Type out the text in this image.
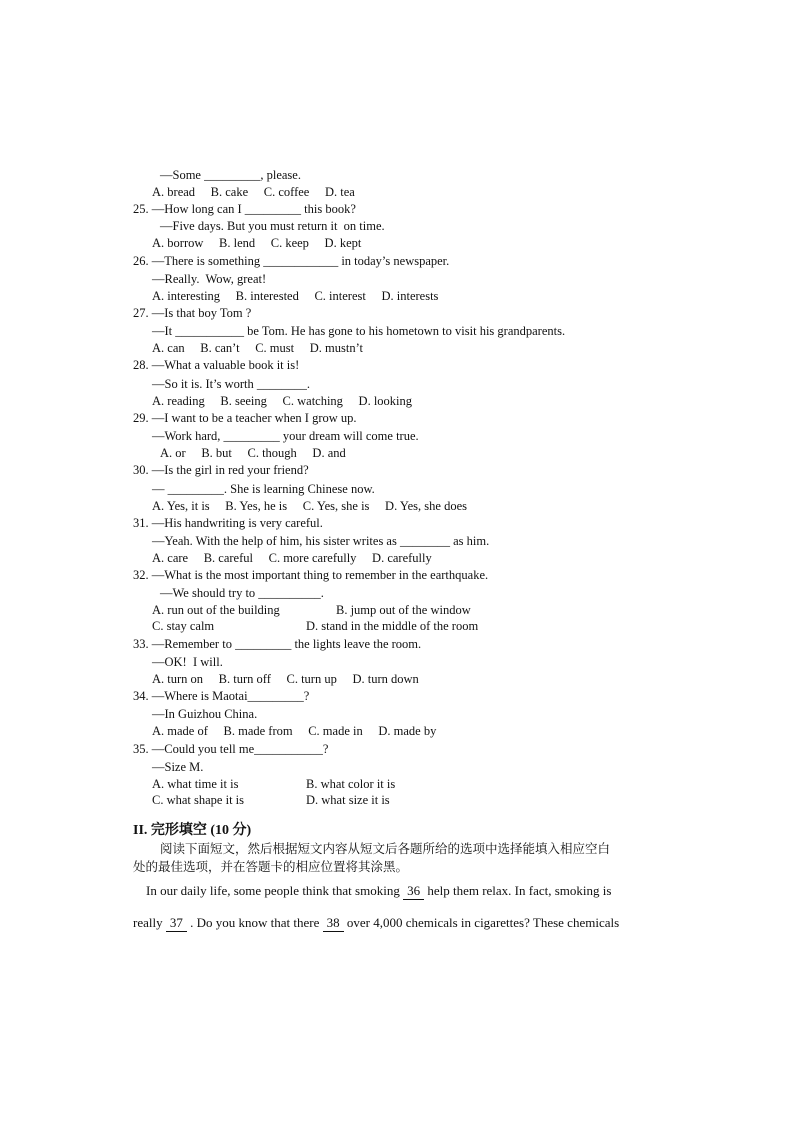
—Some _________, please.
A. bread     B. cake     C. coffee     D. tea
25. —How long can I _________ this book?
—Five days. But you must return it  on time.
A. borrow     B. lend     C. keep     D. kept
26. —There is something ____________ in today’s newspaper.
—Really.  Wow, great!
A. interesting     B. interested     C. interest     D. interests
27. —Is that boy Tom ?
—It ___________ be Tom. He has gone to his hometown to visit his grandparents.
A. can     B. can’t     C. must     D. mustn’t
28. —What a valuable book it is!
—So it is. It’s worth ________.
A. reading     B. seeing     C. watching     D. looking
29. —I want to be a teacher when I grow up.
—Work hard, _________ your dream will come true.
A. or     B. but     C. though     D. and
30. —Is the girl in red your friend?
— _________. She is learning Chinese now.
A. Yes, it is     B. Yes, he is     C. Yes, she is     D. Yes, she does
31. —His handwriting is very careful.
—Yeah. With the help of him, his sister writes as ________ as him.
A. care     B. careful     C. more carefully     D. carefully
32. —What is the most important thing to remember in the earthquake.
—We should try to __________.
A. run out of the building	B. jump out of the window
C. stay calm	D. stand in the middle of the room
33. —Remember to _________ the lights leave the room.
—OK!  I will.
A. turn on     B. turn off     C. turn up     D. turn down
34. —Where is Maotai_________?
—In Guizhou China.
A. made of     B. made from     C. made in     D. made by
35. —Could you tell me___________?
—Size M.
A. what time it is	B. what color it is
C. what shape it is	D. what size it is
II. 完形填空 (10 分)
阅读下面短文，然后根据短文内容从短文后各题所给的选项中选择能填入相应空白
处的最佳选项，并在答题卡的相应位置将其涂黑。
In our daily life, some people think that smoking 36 help them relax. In fact, smoking is
really 37 . Do you know that there 38 over 4,000 chemicals in cigarettes? These chemicals
